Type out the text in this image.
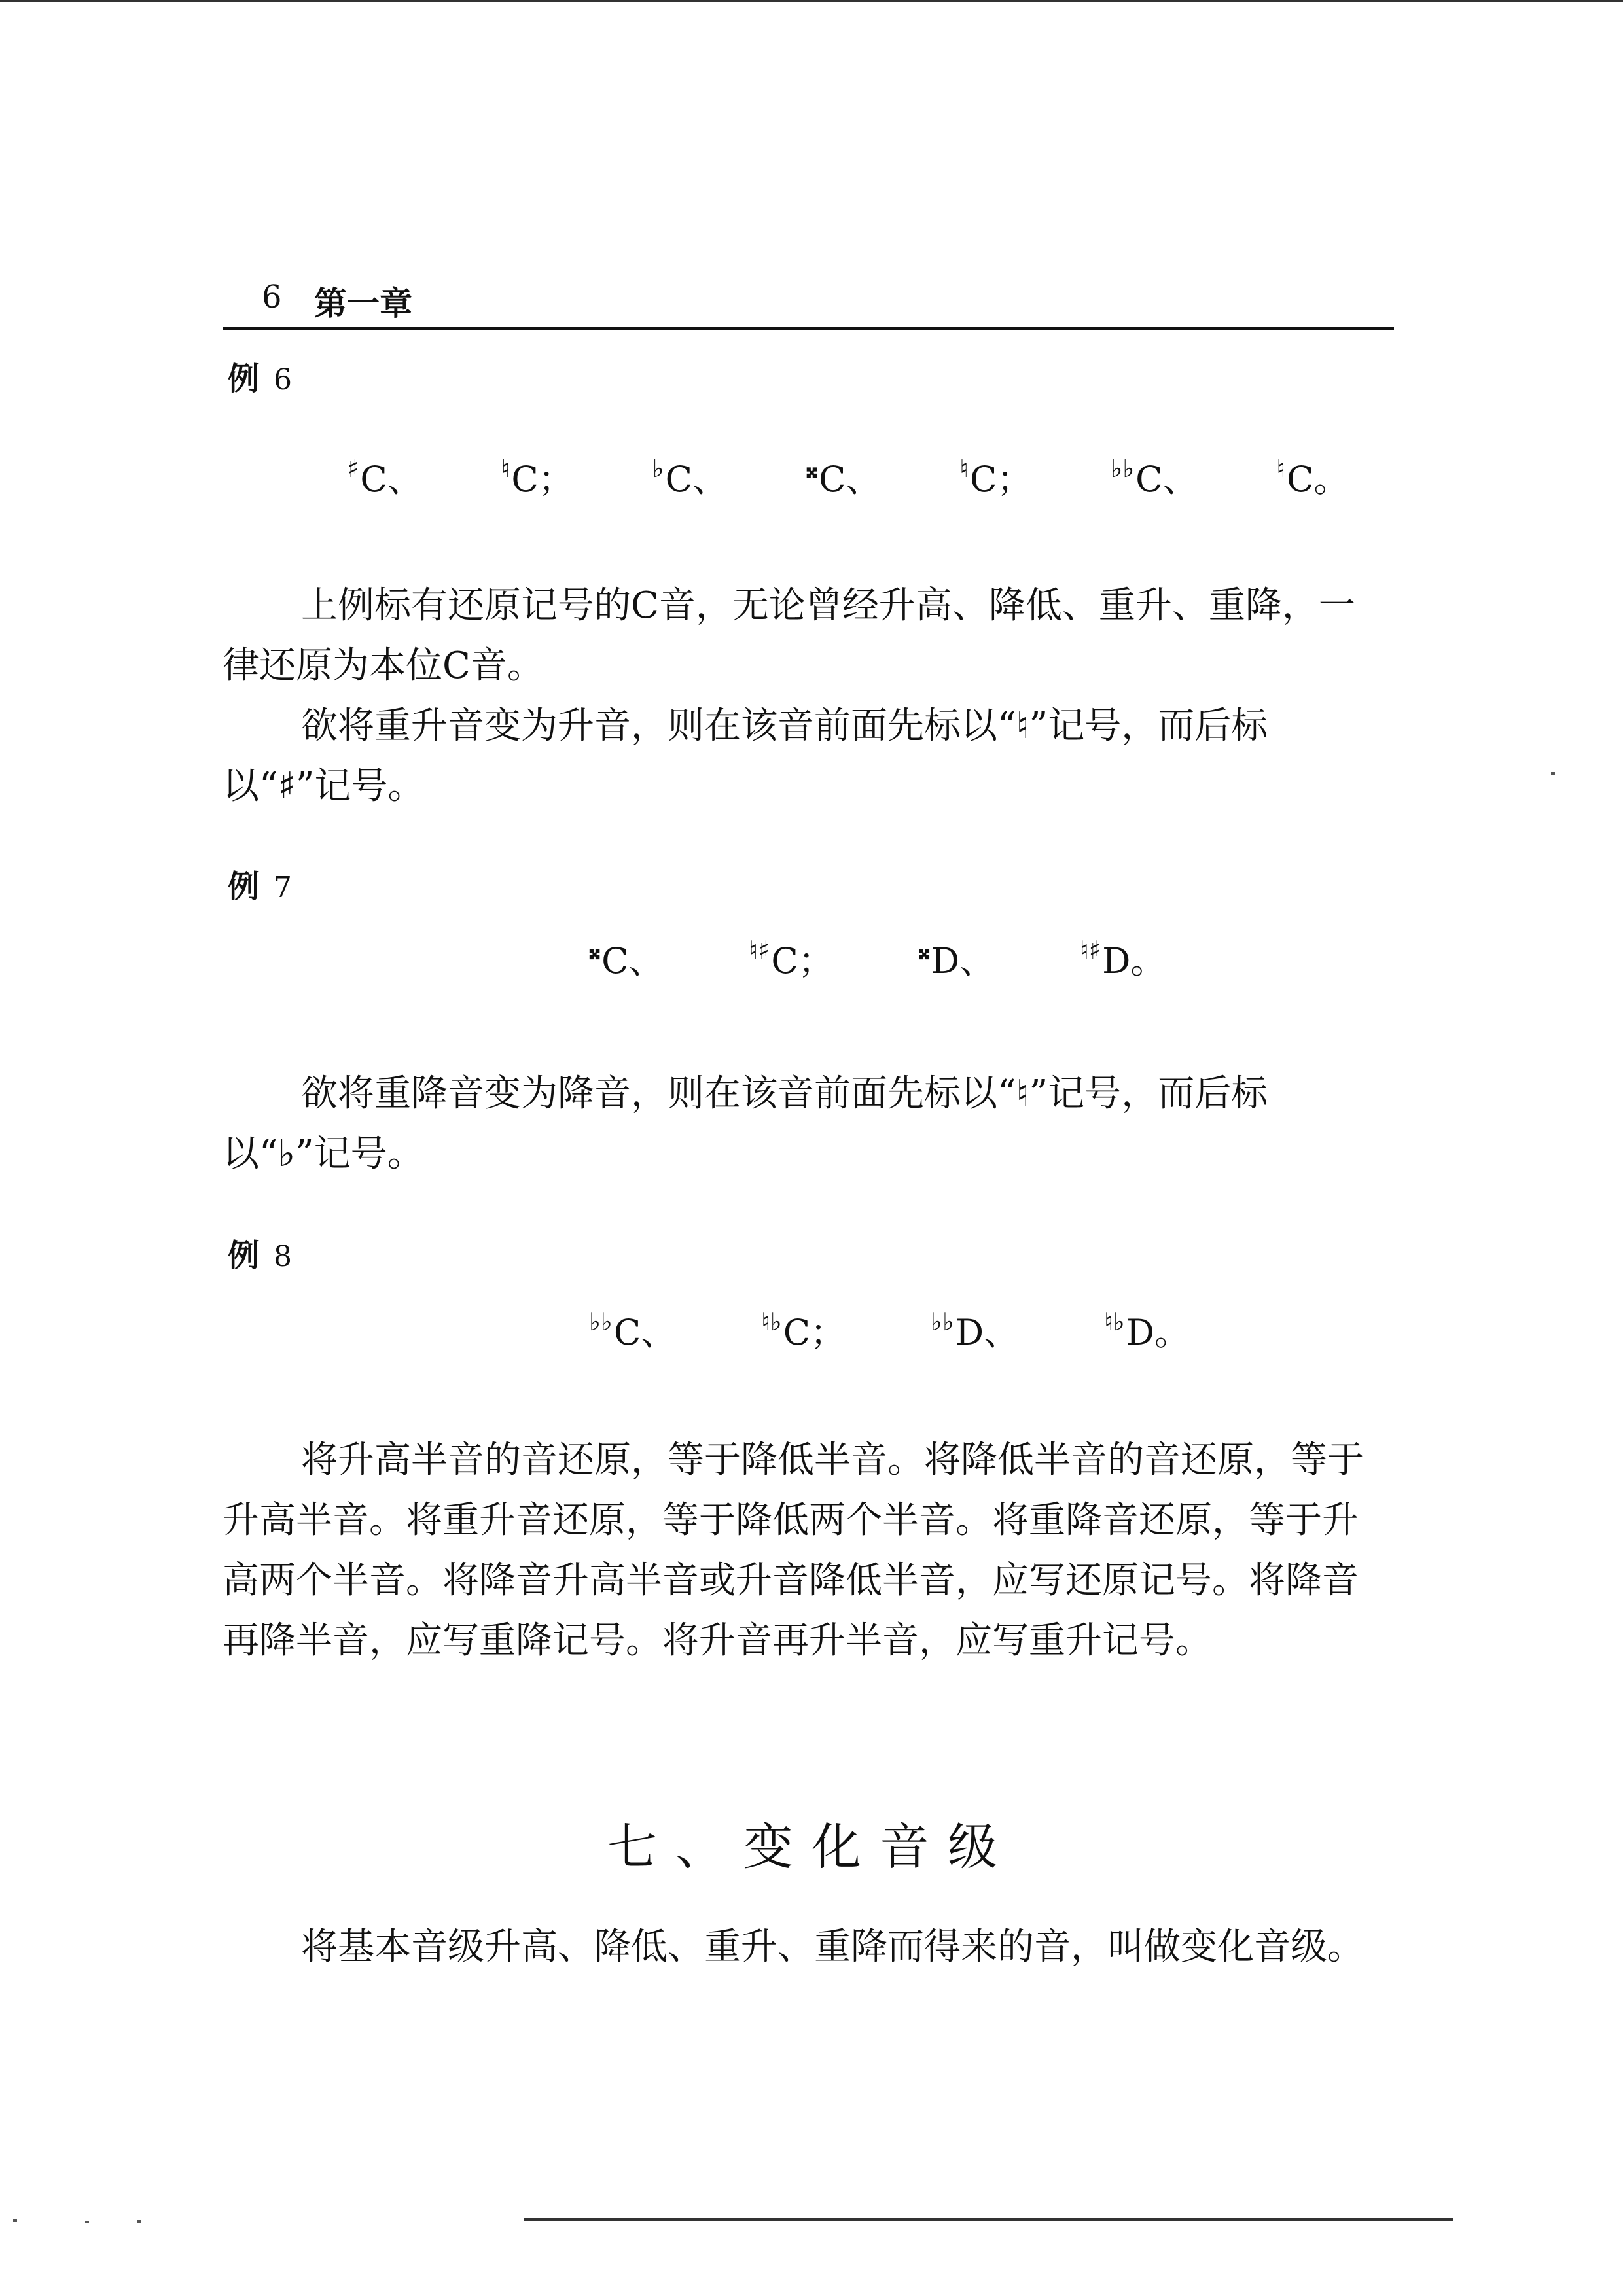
6 第一章
例 6
♯C、	♮C；	♭C、	𝄪C、	♮C；	♭♭C、	♮C。
上例标有还原记号的C音，无论曾经升高、降低、重升、重降，一律还原为本位C音。
欲将重升音变为升音，则在该音前面先标以“♮”记号，而后标以“♯”记号。
例 7
𝄪C、	♮♯C；	𝄪D、	♮♯D。
欲将重降音变为降音，则在该音前面先标以“♮”记号，而后标以“♭”记号。
例 8
♭♭C、	♮♭C；	♭♭D、	♮♭D。
将升高半音的音还原，等于降低半音。将降低半音的音还原，等于升高半音。将重升音还原，等于降低两个半音。将重降音还原，等于升高两个半音。将降音升高半音或升音降低半音，应写还原记号。将降音再降半音，应写重降记号。将升音再升半音，应写重升记号。
七、变化音级
将基本音级升高、降低、重升、重降而得来的音，叫做变化音级。
